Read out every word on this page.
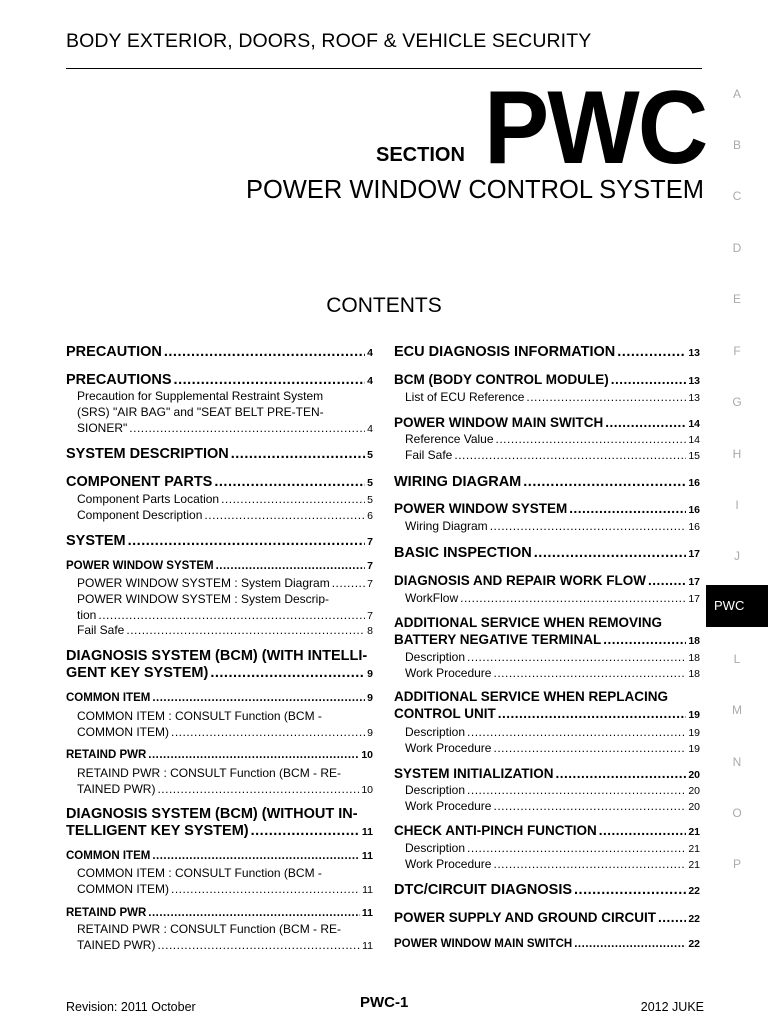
BODY EXTERIOR, DOORS, ROOF & VEHICLE SECURITY
SECTION PWC
POWER WINDOW CONTROL SYSTEM
CONTENTS
PRECAUTION .....	4
PRECAUTIONS .....	4
Precaution for Supplemental Restraint System
(SRS) "AIR BAG" and "SEAT BELT PRE-TEN-
SIONER" .....	4
SYSTEM DESCRIPTION .....	5
COMPONENT PARTS .....	5
Component Parts Location .....	5
Component Description .....	6
SYSTEM .....	7
POWER WINDOW SYSTEM .....	7
POWER WINDOW SYSTEM : System Diagram .....	7
POWER WINDOW SYSTEM : System Descrip-
tion .....	7
Fail Safe .....	8
DIAGNOSIS SYSTEM (BCM) (WITH INTELLI-
GENT KEY SYSTEM) .....	9
COMMON ITEM .....	9
COMMON ITEM : CONSULT Function (BCM -
COMMON ITEM) .....	9
RETAIND PWR .....	10
RETAIND PWR : CONSULT Function (BCM - RE-
TAINED PWR) .....	10
DIAGNOSIS SYSTEM (BCM) (WITHOUT IN-
TELLIGENT KEY SYSTEM) .....	11
COMMON ITEM .....	11
COMMON ITEM : CONSULT Function (BCM -
COMMON ITEM) .....	11
RETAIND PWR .....	11
RETAIND PWR : CONSULT Function (BCM - RE-
TAINED PWR) .....	11
ECU DIAGNOSIS INFORMATION .....	13
BCM (BODY CONTROL MODULE) .....	13
List of ECU Reference .....	13
POWER WINDOW MAIN SWITCH .....	14
Reference Value .....	14
Fail Safe .....	15
WIRING DIAGRAM .....	16
POWER WINDOW SYSTEM .....	16
Wiring Diagram .....	16
BASIC INSPECTION .....	17
DIAGNOSIS AND REPAIR WORK FLOW .....	17
WorkFlow .....	17
ADDITIONAL SERVICE WHEN REMOVING
BATTERY NEGATIVE TERMINAL .....	18
Description .....	18
Work Procedure .....	18
ADDITIONAL SERVICE WHEN REPLACING
CONTROL UNIT .....	19
Description .....	19
Work Procedure .....	19
SYSTEM INITIALIZATION .....	20
Description .....	20
Work Procedure .....	20
CHECK ANTI-PINCH FUNCTION .....	21
Description .....	21
Work Procedure .....	21
DTC/CIRCUIT DIAGNOSIS .....	22
POWER SUPPLY AND GROUND CIRCUIT .....	22
POWER WINDOW MAIN SWITCH .....	22
A
B
C
D
E
F
G
H
I
J
PWC
L
M
N
O
P
Revision: 2011 October	PWC-1	2012 JUKE
